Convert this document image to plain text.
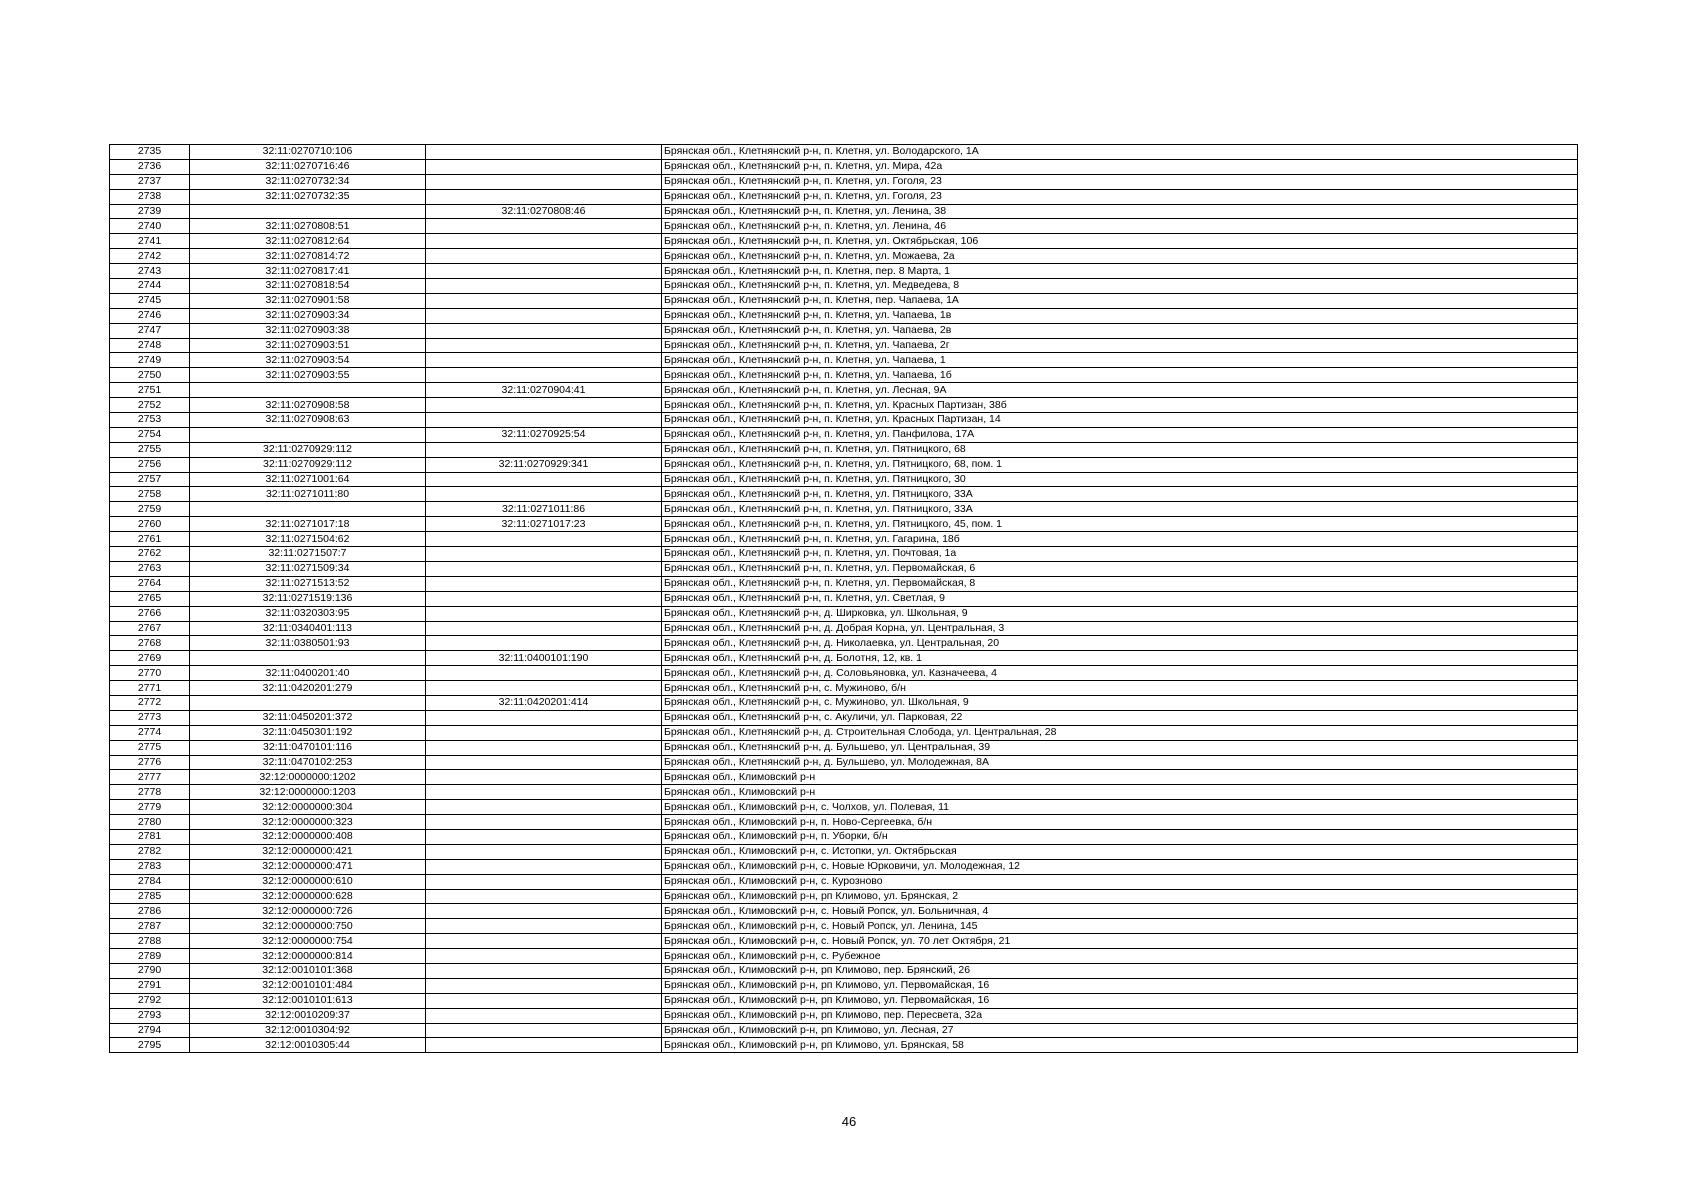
2735	32:11:0270710:106		Брянская обл., Клетнянский р-н, п. Клетня, ул. Володарского, 1А
2736	32:11:0270716:46		Брянская обл., Клетнянский р-н, п. Клетня, ул. Мира, 42а
2737	32:11:0270732:34		Брянская обл., Клетнянский р-н, п. Клетня, ул. Гоголя, 23
2738	32:11:0270732:35		Брянская обл., Клетнянский р-н, п. Клетня, ул. Гоголя, 23
2739		32:11:0270808:46	Брянская обл., Клетнянский р-н, п. Клетня, ул. Ленина, 38
2740	32:11:0270808:51		Брянская обл., Клетнянский р-н, п. Клетня, ул. Ленина, 46
2741	32:11:0270812:64		Брянская обл., Клетнянский р-н, п. Клетня, ул. Октябрьская, 106
2742	32:11:0270814:72		Брянская обл., Клетнянский р-н, п. Клетня, ул. Можаева, 2а
2743	32:11:0270817:41		Брянская обл., Клетнянский р-н, п. Клетня, пер. 8 Марта, 1
2744	32:11:0270818:54		Брянская обл., Клетнянский р-н, п. Клетня, ул. Медведева, 8
2745	32:11:0270901:58		Брянская обл., Клетнянский р-н, п. Клетня, пер. Чапаева, 1А
2746	32:11:0270903:34		Брянская обл., Клетнянский р-н, п. Клетня, ул. Чапаева, 1в
2747	32:11:0270903:38		Брянская обл., Клетнянский р-н, п. Клетня, ул. Чапаева, 2в
2748	32:11:0270903:51		Брянская обл., Клетнянский р-н, п. Клетня, ул. Чапаева, 2г
2749	32:11:0270903:54		Брянская обл., Клетнянский р-н, п. Клетня, ул. Чапаева, 1
2750	32:11:0270903:55		Брянская обл., Клетнянский р-н, п. Клетня, ул. Чапаева, 1б
2751		32:11:0270904:41	Брянская обл., Клетнянский р-н, п. Клетня, ул. Лесная, 9А
2752	32:11:0270908:58		Брянская обл., Клетнянский р-н, п. Клетня, ул. Красных Партизан, 38б
2753	32:11:0270908:63		Брянская обл., Клетнянский р-н, п. Клетня, ул. Красных Партизан, 14
2754		32:11:0270925:54	Брянская обл., Клетнянский р-н, п. Клетня, ул. Панфилова, 17А
2755	32:11:0270929:112		Брянская обл., Клетнянский р-н, п. Клетня, ул. Пятницкого, 68
2756	32:11:0270929:112	32:11:0270929:341	Брянская обл., Клетнянский р-н, п. Клетня, ул. Пятницкого, 68, пом. 1
2757	32:11:0271001:64		Брянская обл., Клетнянский р-н, п. Клетня, ул. Пятницкого, 30
2758	32:11:0271011:80		Брянская обл., Клетнянский р-н, п. Клетня, ул. Пятницкого, 33А
2759		32:11:0271011:86	Брянская обл., Клетнянский р-н, п. Клетня, ул. Пятницкого, 33А
2760	32:11:0271017:18	32:11:0271017:23	Брянская обл., Клетнянский р-н, п. Клетня, ул. Пятницкого, 45, пом. 1
2761	32:11:0271504:62		Брянская обл., Клетнянский р-н, п. Клетня, ул. Гагарина, 18б
2762	32:11:0271507:7		Брянская обл., Клетнянский р-н, п. Клетня, ул. Почтовая, 1а
2763	32:11:0271509:34		Брянская обл., Клетнянский р-н, п. Клетня, ул. Первомайская, 6
2764	32:11:0271513:52		Брянская обл., Клетнянский р-н, п. Клетня, ул. Первомайская, 8
2765	32:11:0271519:136		Брянская обл., Клетнянский р-н, п. Клетня, ул. Светлая, 9
2766	32:11:0320303:95		Брянская обл., Клетнянский р-н, д. Ширковка, ул. Школьная, 9
2767	32:11:0340401:113		Брянская обл., Клетнянский р-н, д. Добрая Корна, ул. Центральная, 3
2768	32:11:0380501:93		Брянская обл., Клетнянский р-н, д. Николаевка, ул. Центральная, 20
2769		32:11:0400101:190	Брянская обл., Клетнянский р-н, д. Болотня, 12, кв. 1
2770	32:11:0400201:40		Брянская обл., Клетнянский р-н, д. Соловьяновка, ул. Казначеева, 4
2771	32:11:0420201:279		Брянская обл., Клетнянский р-н, с. Мужиново, б/н
2772		32:11:0420201:414	Брянская обл., Клетнянский р-н, с. Мужиново, ул. Школьная, 9
2773	32:11:0450201:372		Брянская обл., Клетнянский р-н, с. Акуличи, ул. Парковая, 22
2774	32:11:0450301:192		Брянская обл., Клетнянский р-н, д. Строительная Слобода, ул. Центральная, 28
2775	32:11:0470101:116		Брянская обл., Клетнянский р-н, д. Бульшево, ул. Центральная, 39
2776	32:11:0470102:253		Брянская обл., Клетнянский р-н, д. Бульшево, ул. Молодежная, 8А
2777	32:12:0000000:1202		Брянская обл., Климовский р-н
2778	32:12:0000000:1203		Брянская обл., Климовский р-н
2779	32:12:0000000:304		Брянская обл., Климовский р-н, с. Чолхов, ул. Полевая, 11
2780	32:12:0000000:323		Брянская обл., Климовский р-н, п. Ново-Сергеевка, б/н
2781	32:12:0000000:408		Брянская обл., Климовский р-н, п. Уборки, б/н
2782	32:12:0000000:421		Брянская обл., Климовский р-н, с. Истопки, ул. Октябрьская
2783	32:12:0000000:471		Брянская обл., Климовский р-н, с. Новые Юрковичи, ул. Молодежная, 12
2784	32:12:0000000:610		Брянская обл., Климовский р-н, с. Курозново
2785	32:12:0000000:628		Брянская обл., Климовский р-н, рп Климово, ул. Брянская, 2
2786	32:12:0000000:726		Брянская обл., Климовский р-н, с. Новый Ропск, ул. Больничная, 4
2787	32:12:0000000:750		Брянская обл., Климовский р-н, с. Новый Ропск, ул. Ленина, 145
2788	32:12:0000000:754		Брянская обл., Климовский р-н, с. Новый Ропск, ул. 70 лет Октября, 21
2789	32:12:0000000:814		Брянская обл., Климовский р-н, с. Рубежное
2790	32:12:0010101:368		Брянская обл., Климовский р-н, рп Климово, пер. Брянский, 26
2791	32:12:0010101:484		Брянская обл., Климовский р-н, рп Климово, ул. Первомайская, 16
2792	32:12:0010101:613		Брянская обл., Климовский р-н, рп Климово, ул. Первомайская, 16
2793	32:12:0010209:37		Брянская обл., Климовский р-н, рп Климово, пер. Пересвета, 32а
2794	32:12:0010304:92		Брянская обл., Климовский р-н, рп Климово, ул. Лесная, 27
2795	32:12:0010305:44		Брянская обл., Климовский р-н, рп Климово, ул. Брянская, 58
46
